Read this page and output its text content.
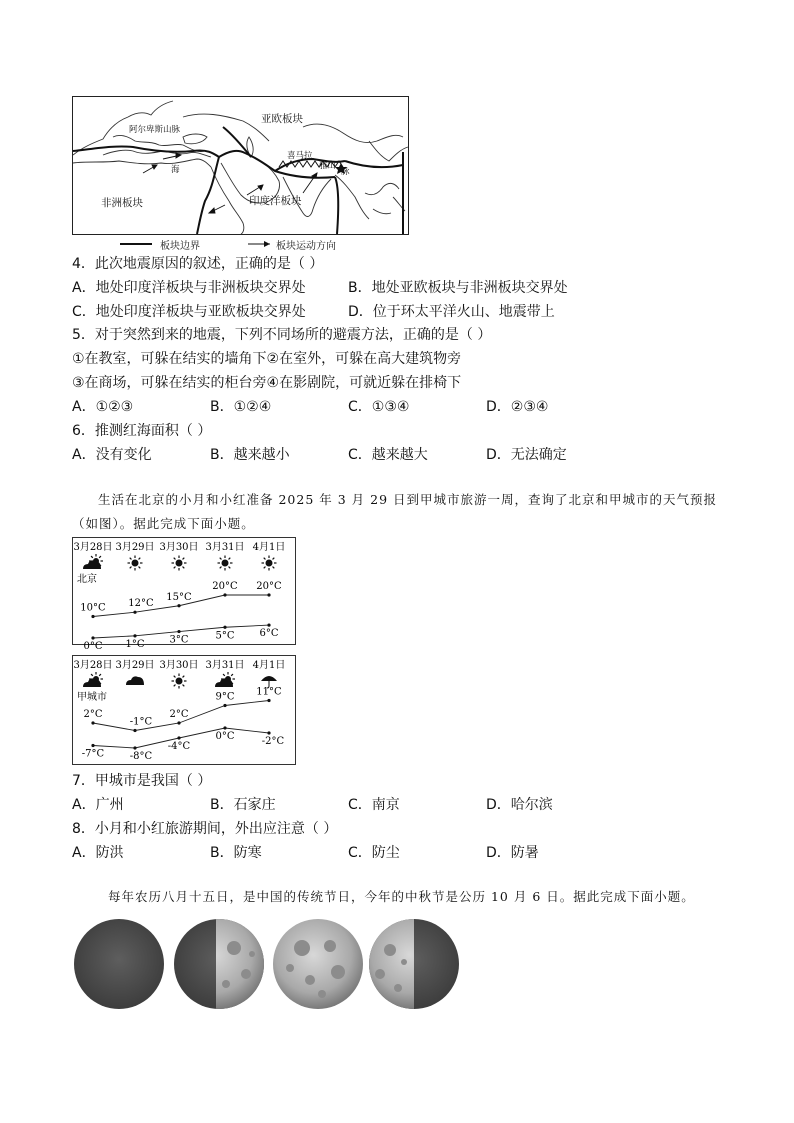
亚欧板块
非洲板块	印度洋板块
阿尔卑斯山脉
海
喜马拉
雅山
脉
板块边界	板块运动方向
4．此次地震原因的叙述，正确的是（ ）
A．地处印度洋板块与非洲板块交界处	B．地处亚欧板块与非洲板块交界处
C．地处印度洋板块与亚欧板块交界处	D．位于环太平洋火山、地震带上
5．对于突然到来的地震，下列不同场所的避震方法，正确的是（ ）
①在教室，可躲在结实的墙角下②在室外，可躲在高大建筑物旁
③在商场，可躲在结实的柜台旁④在影剧院，可就近躲在排椅下
A．①②③	B．①②④	C．①③④	D．②③④
6．推测红海面积（ ）
A．没有变化	B．越来越小	C．越来越大	D．无法确定
生活在北京的小月和小红准备 2025 年 3 月 29 日到甲城市旅游一周，查询了北京和甲城市的天气预报（如图）。据此完成下面小题。
3月28日 3月29日 3月30日 3月31日 4月1日
北京
10°C 12°C
15°C
20°C 20°C
0°C 1°C 3°C	5°C 6°C
3月28日 3月29日 3月30日 3月31日 4月1日
甲城市
2°C
-1°C
2°C
9°C 11°C
-7°C	-8°C
-4°C
0°C	-2°C
7．甲城市是我国（ ）
A．广州	B．石家庄	C．南京	D．哈尔滨
8．小月和小红旅游期间，外出应注意（ ）
A．防洪	B．防寒	C．防尘	D．防暑
每年农历八月十五日，是中国的传统节日，今年的中秋节是公历 10 月 6 日。据此完成下面小题。
